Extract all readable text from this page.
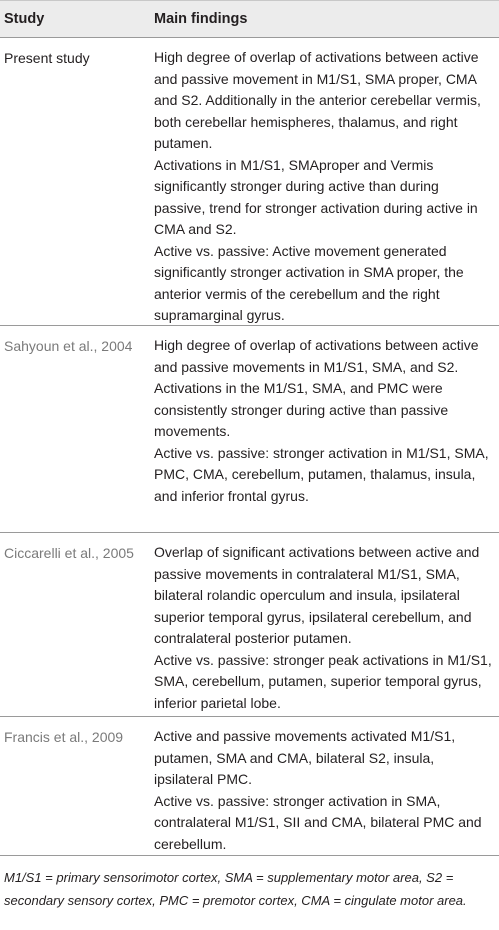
Study	Main findings
Present study	High degree of overlap of activations between active and passive movement in M1/S1, SMA proper, CMA and S2. Additionally in the anterior cerebellar vermis, both cerebellar hemispheres, thalamus, and right putamen.

Activations in M1/S1, SMAproper and Vermis significantly stronger during active than during passive, trend for stronger activation during active in CMA and S2.

Active vs. passive: Active movement generated significantly stronger activation in SMA proper, the anterior vermis of the cerebellum and the right supramarginal gyrus.

Sahyoun et al., 2004	High degree of overlap of activations between active and passive movements in M1/S1, SMA, and S2.

Activations in the M1/S1, SMA, and PMC were consistently stronger during active than passive movements.

Active vs. passive: stronger activation in M1/S1, SMA, PMC, CMA, cerebellum, putamen, thalamus, insula, and inferior frontal gyrus.

Ciccarelli et al., 2005	Overlap of significant activations between active and passive movements in contralateral M1/S1, SMA, bilateral rolandic operculum and insula, ipsilateral superior temporal gyrus, ipsilateral cerebellum, and contralateral posterior putamen.

Active vs. passive: stronger peak activations in M1/S1, SMA, cerebellum, putamen, superior temporal gyrus, inferior parietal lobe.

Francis et al., 2009	Active and passive movements activated M1/S1, putamen, SMA and CMA, bilateral S2, insula, ipsilateral PMC.

Active vs. passive: stronger activation in SMA, contralateral M1/S1, SII and CMA, bilateral PMC and cerebellum.

M1/S1 = primary sensorimotor cortex, SMA = supplementary motor area, S2 = secondary sensory cortex, PMC = premotor cortex, CMA = cingulate motor area.
